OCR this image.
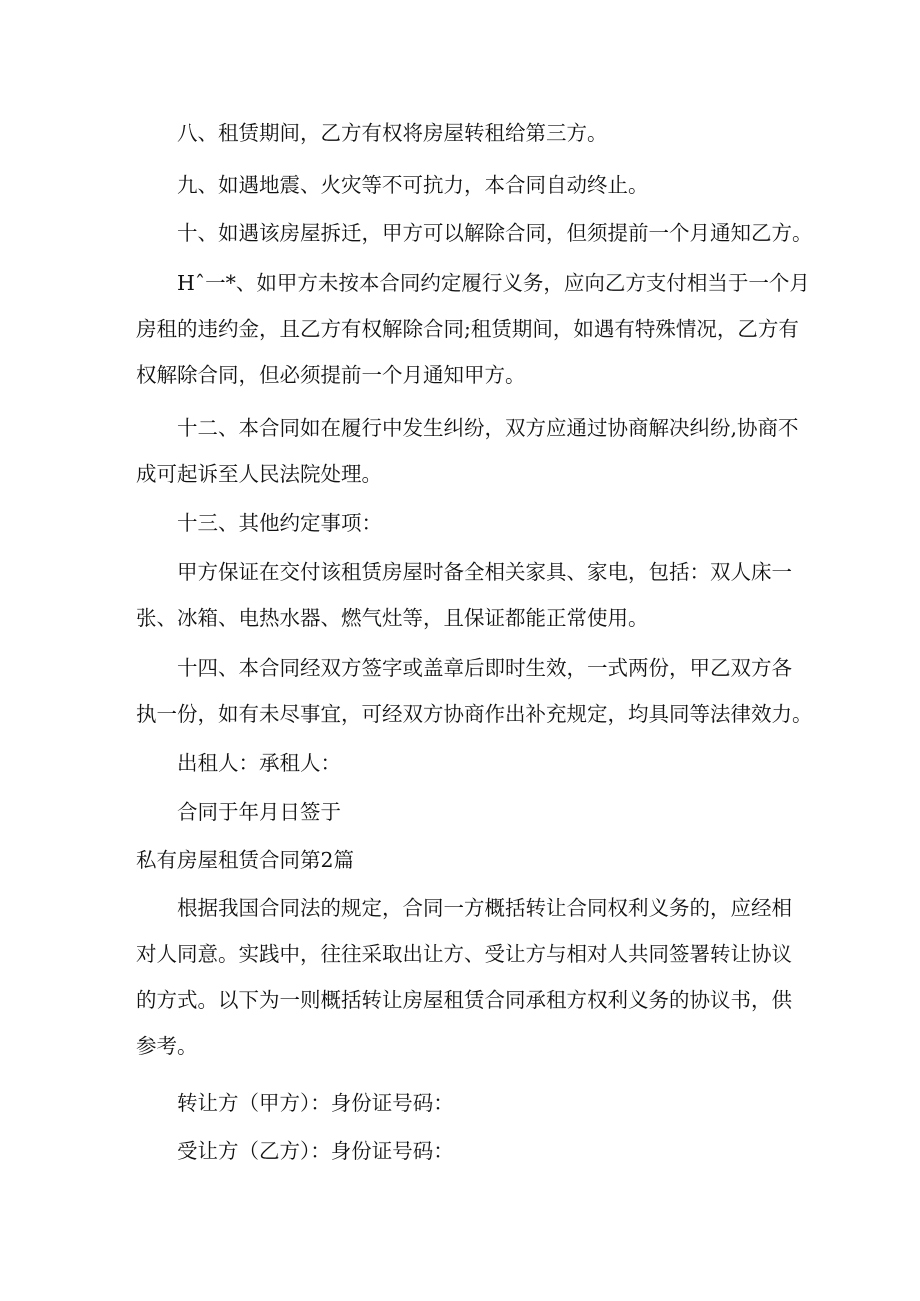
八、租赁期间，乙方有权将房屋转租给第三方。

九、如遇地震、火灾等不可抗力，本合同自动终止。

十、如遇该房屋拆迁，甲方可以解除合同，但须提前一个月通知乙方。

Hˆ一*、如甲方未按本合同约定履行义务，应向乙方支付相当于一个月
房租的违约金，且乙方有权解除合同;租赁期间，如遇有特殊情况，乙方有
权解除合同，但必须提前一个月通知甲方。

十二、本合同如在履行中发生纠纷，双方应通过协商解决纠纷,协商不
成可起诉至人民法院处理。

十三、其他约定事项：

甲方保证在交付该租赁房屋时备全相关家具、家电，包括：双人床一
张、冰箱、电热水器、燃气灶等，且保证都能正常使用。

十四、本合同经双方签字或盖章后即时生效，一式两份，甲乙双方各
执一份，如有未尽事宜，可经双方协商作出补充规定，均具同等法律效力。

出租人：承租人：

合同于年月日签于

私有房屋租赁合同第2篇

根据我国合同法的规定，合同一方概括转让合同权利义务的，应经相
对人同意。实践中，往往采取出让方、受让方与相对人共同签署转让协议
的方式。以下为一则概括转让房屋租赁合同承租方权利义务的协议书，供
参考。

转让方（甲方）：身份证号码：

受让方（乙方）：身份证号码：
